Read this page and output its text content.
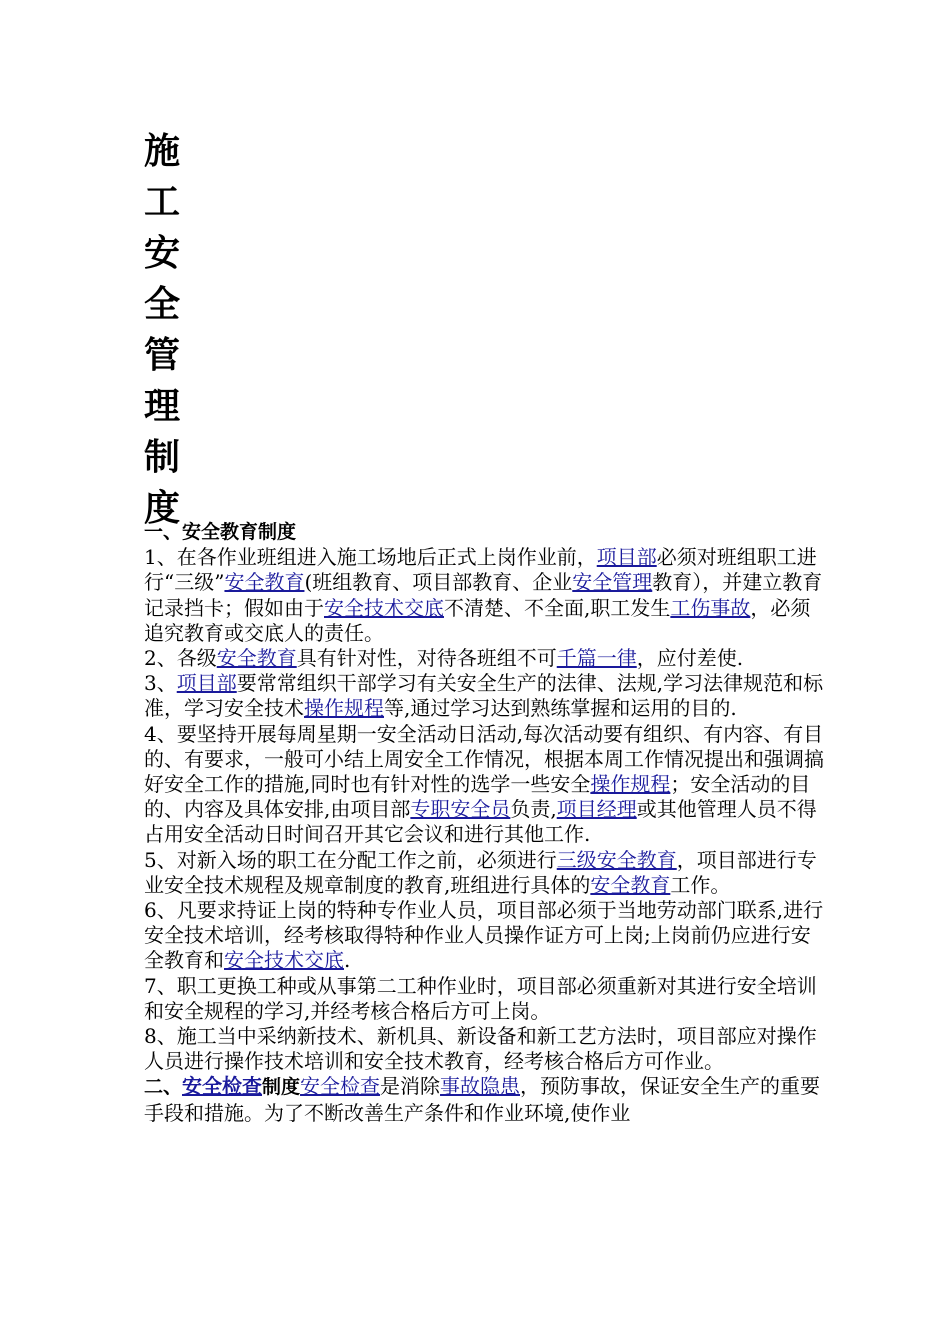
施
工
安
全
管
理
制
度

一、安全教育制度

1、在各作业班组进入施工场地后正式上岗作业前，项目部必须对班组职工进行“三级”安全教育(班组教育、项目部教育、企业安全管理教育），并建立教育记录挡卡；假如由于安全技术交底不清楚、不全面,职工发生工伤事故，必须追究教育或交底人的责任。

2、各级安全教育具有针对性，对待各班组不可千篇一律，应付差使.

3、项目部要常常组织干部学习有关安全生产的法律、法规,学习法律规范和标准，学习安全技术操作规程等,通过学习达到熟练掌握和运用的目的.

4、要坚持开展每周星期一安全活动日活动,每次活动要有组织、有内容、有目的、有要求，一般可小结上周安全工作情况，根据本周工作情况提出和强调搞好安全工作的措施,同时也有针对性的选学一些安全操作规程；安全活动的目的、内容及具体安排,由项目部专职安全员负责,项目经理或其他管理人员不得占用安全活动日时间召开其它会议和进行其他工作.

5、对新入场的职工在分配工作之前，必须进行三级安全教育，项目部进行专业安全技术规程及规章制度的教育,班组进行具体的安全教育工作。

6、凡要求持证上岗的特种专作业人员，项目部必须于当地劳动部门联系,进行安全技术培训，经考核取得特种作业人员操作证方可上岗;上岗前仍应进行安全教育和安全技术交底.

7、职工更换工种或从事第二工种作业时，项目部必须重新对其进行安全培训和安全规程的学习,并经考核合格后方可上岗。

8、施工当中采纳新技术、新机具、新设备和新工艺方法时，项目部应对操作人员进行操作技术培训和安全技术教育，经考核合格后方可作业。

二、安全检查制度安全检查是消除事故隐患，预防事故，保证安全生产的重要手段和措施。为了不断改善生产条件和作业环境,使作业
